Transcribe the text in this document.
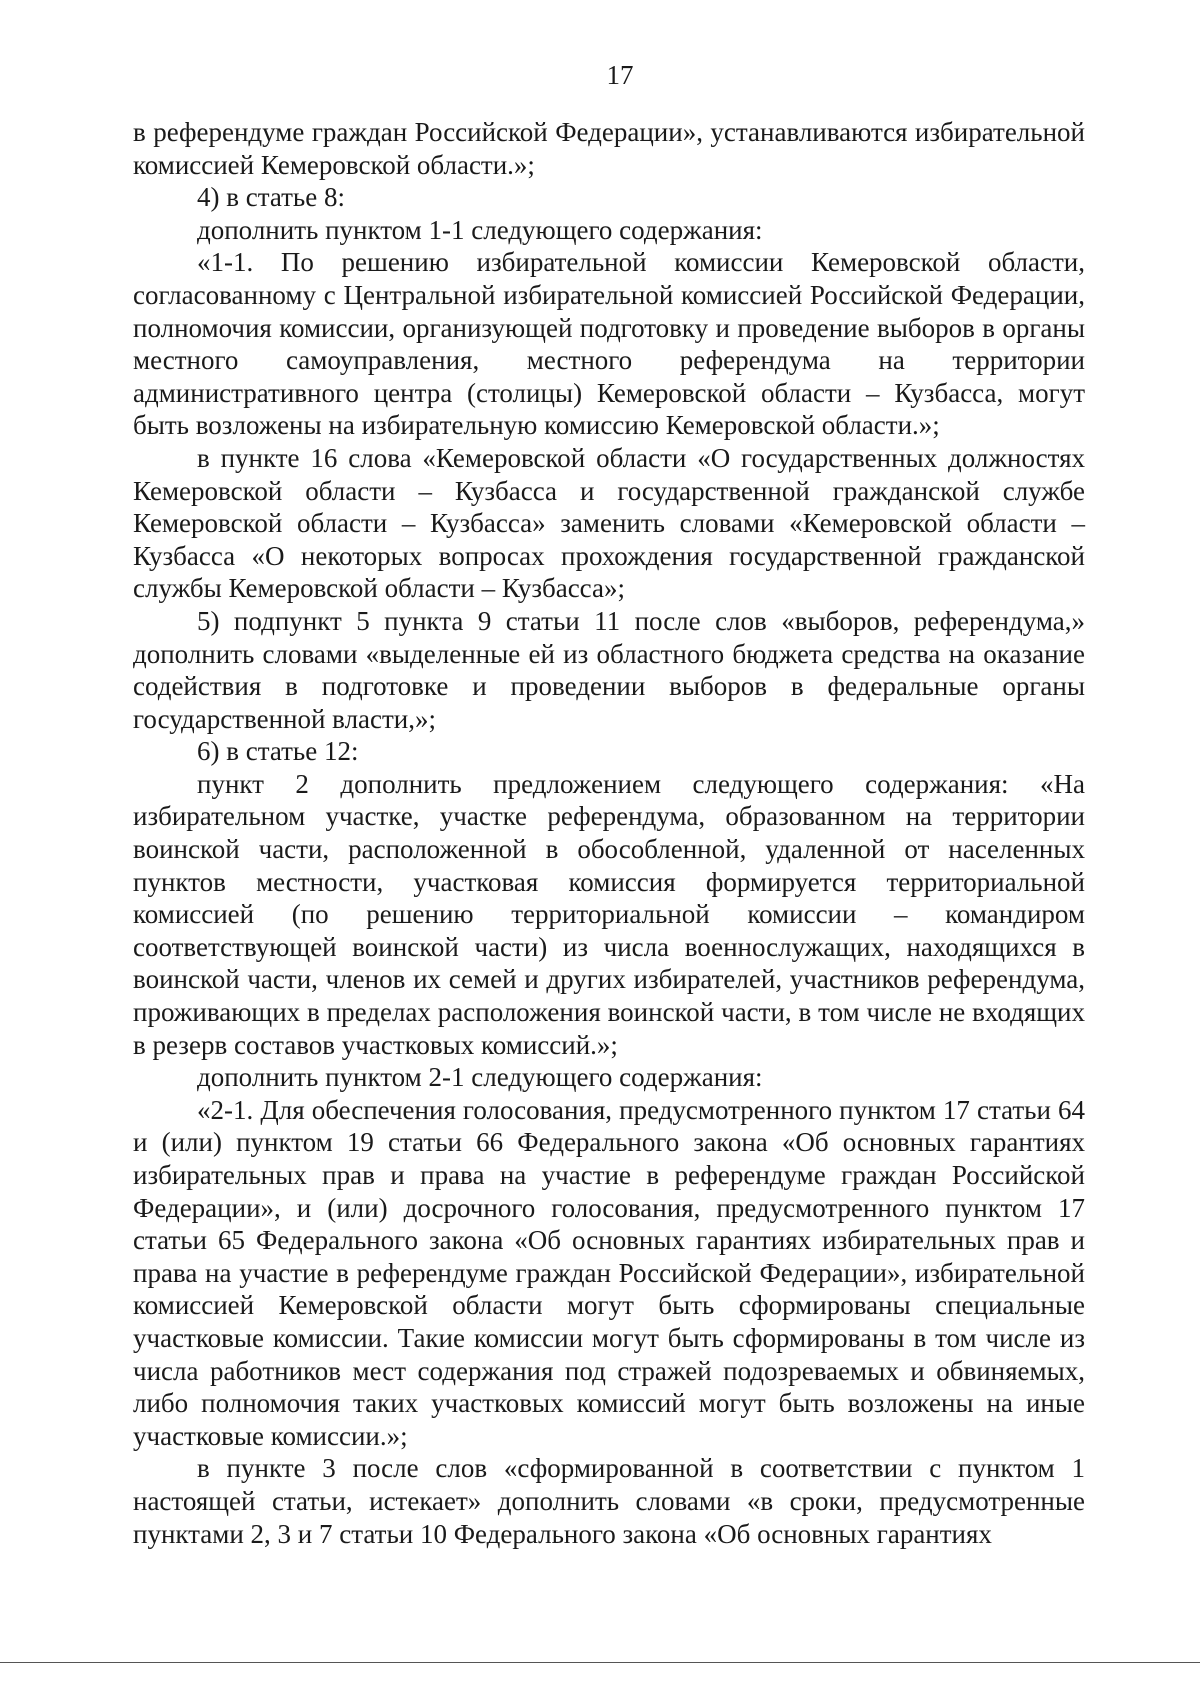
17

в референдуме граждан Российской Федерации», устанавливаются избирательной комиссией Кемеровской области.»;

4) в статье 8:

дополнить пунктом 1-1 следующего содержания:

«1-1. По решению избирательной комиссии Кемеровской области, согласованному с Центральной избирательной комиссией Российской Федерации, полномочия комиссии, организующей подготовку и проведение выборов в органы местного самоуправления, местного референдума на территории административного центра (столицы) Кемеровской области – Кузбасса, могут быть возложены на избирательную комиссию Кемеровской области.»;

в пункте 16 слова «Кемеровской области «О государственных должностях Кемеровской области – Кузбасса и государственной гражданской службе Кемеровской области – Кузбасса» заменить словами «Кемеровской области – Кузбасса «О некоторых вопросах прохождения государственной гражданской службы Кемеровской области – Кузбасса»;

5) подпункт 5 пункта 9 статьи 11 после слов «выборов, референдума,» дополнить словами «выделенные ей из областного бюджета средства на оказание содействия в подготовке и проведении выборов в федеральные органы государственной власти,»;

6) в статье 12:

пункт 2 дополнить предложением следующего содержания: «На избирательном участке, участке референдума, образованном на территории воинской части, расположенной в обособленной, удаленной от населенных пунктов местности, участковая комиссия формируется территориальной комиссией (по решению территориальной комиссии – командиром соответствующей воинской части) из числа военнослужащих, находящихся в воинской части, членов их семей и других избирателей, участников референдума, проживающих в пределах расположения воинской части, в том числе не входящих в резерв составов участковых комиссий.»;

дополнить пунктом 2-1 следующего содержания:

«2-1. Для обеспечения голосования, предусмотренного пунктом 17 статьи 64 и (или) пунктом 19 статьи 66 Федерального закона «Об основных гарантиях избирательных прав и права на участие в референдуме граждан Российской Федерации», и (или) досрочного голосования, предусмотренного пунктом 17 статьи 65 Федерального закона «Об основных гарантиях избирательных прав и права на участие в референдуме граждан Российской Федерации», избирательной комиссией Кемеровской области могут быть сформированы специальные участковые комиссии. Такие комиссии могут быть сформированы в том числе из числа работников мест содержания под стражей подозреваемых и обвиняемых, либо полномочия таких участковых комиссий могут быть возложены на иные участковые комиссии.»;

в пункте 3 после слов «сформированной в соответствии с пунктом 1 настоящей статьи, истекает» дополнить словами «в сроки, предусмотренные пунктами 2, 3 и 7 статьи 10 Федерального закона «Об основных гарантиях
